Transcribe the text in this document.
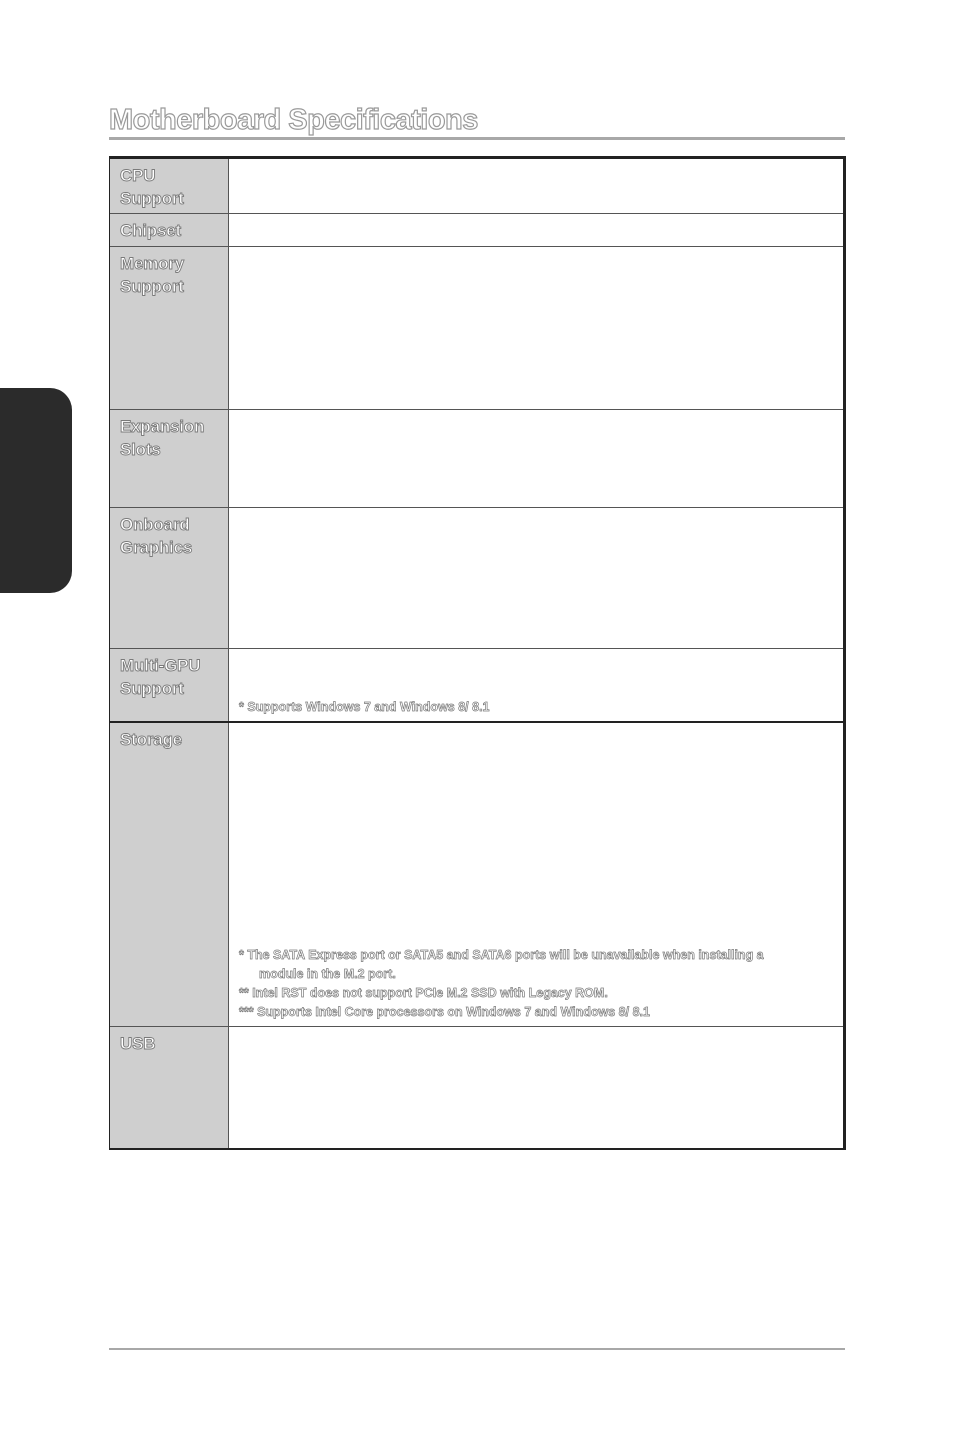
Motherboard Specifications
CPU
Support
Chipset
Memory
Support
Expansion
Slots
Onboard
Graphics
Multi-GPU
Support
* Supports Windows 7 and Windows 8/ 8.1
Storage
* The SATA Express port or SATA5 and SATA6 ports will be unavailable when installing a
module in the M.2 port.
** Intel RST does not support PCIe M.2 SSD with Legacy ROM.
*** Supports Intel Core processors on Windows 7 and Windows 8/ 8.1
USB
